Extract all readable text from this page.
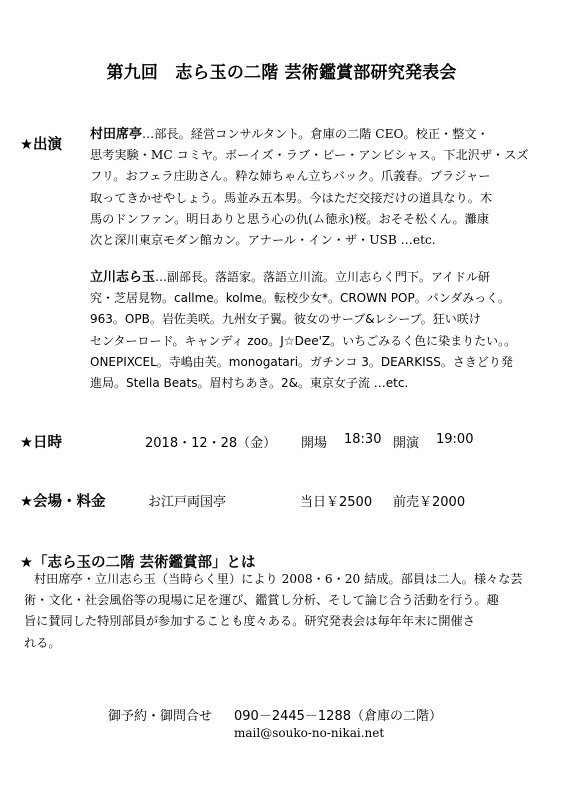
第九回　志ら玉の二階 芸術鑑賞部研究発表会
★出演
村田席亭…部長。経営コンサルタント。倉庫の二階 CEO。校正・整文・
思考実験・MC コミヤ。ボーイズ・ラブ・ビー・アンビシャス。下北沢ザ・スズ
フリ。おフェラ庄助さん。粋な姉ちゃん立ちバック。爪義春。ブラジャー
取ってきかせやしょう。馬並み五本男。今はただ交接だけの道具なり。木
馬のドンファン。明日ありと思う心の仇(ム徳永)桜。おそそ松くん。灘康
次と深川東京モダン館カン。アナール・イン・ザ・USB …etc.
立川志ら玉…副部長。落語家。落語立川流。立川志らく門下。アイドル研
究・芝居見物。callme。kolme。転校少女*。CROWN POP。パンダみっく。
963。OPB。岩佐美咲。九州女子翼。彼女のサーブ&レシーブ。狂い咲け
センターロード。キャンディ zoo。J☆Dee'Z。いちごみるく色に染まりたい。。
ONEPIXCEL。寺嶋由芙。monogatari。ガチンコ 3。DEARKISS。さきどり発
進局。Stella Beats。眉村ちあき。2&。東京女子流 …etc.
★日時	2018・12・28（金） 開場 18:30 開演 19:00
★会場・料金	お江戸両国亭	当日￥2500 前売￥2000
★「志ら玉の二階 芸術鑑賞部」とは
村田席亭・立川志ら玉（当時らく里）により 2008・6・20 結成。部員は二人。様々な芸
術・文化・社会風俗等の現場に足を運び、鑑賞し分析、そして論じ合う活動を行う。趣
旨に賛同した特別部員が参加することも度々ある。研究発表会は毎年年末に開催さ
れる。
御予約・御問合せ 090－2445－1288（倉庫の二階）
mail@souko-no-nikai.net
